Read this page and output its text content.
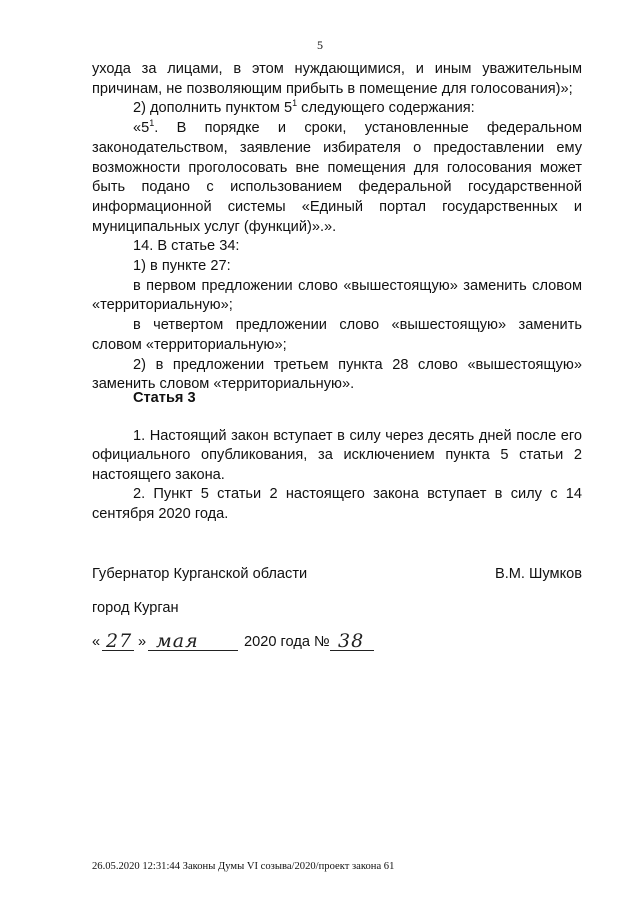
5

ухода за лицами, в этом нуждающимися, и иным уважительным причинам, не позволяющим прибыть в помещение для голосования)»;

2) дополнить пунктом $5^1$ следующего содержания:

«$5^1$. В порядке и сроки, установленные федеральном законодательством, заявление избирателя о предоставлении ему возможности проголосовать вне помещения для голосования может быть подано с использованием федеральной государственной информационной системы «Единый портал государственных и муниципальных услуг (функций)».».

14. В статье 34:

1) в пункте 27:

в первом предложении слово «вышестоящую» заменить словом «территориальную»;

в четвертом предложении слово «вышестоящую» заменить словом «территориальную»;

2) в предложении третьем пункта 28 слово «вышестоящую» заменить словом «территориальную».

Статья 3

1. Настоящий закон вступает в силу через десять дней после его официального опубликования, за исключением пункта 5 статьи 2 настоящего закона.

2. Пункт 5 статьи 2 настоящего закона вступает в силу с 14 сентября 2020 года.

Губернатор Курганской области	В.М. Шумков
город Курган
« 27 » мая	2020 года № 38
26.05.2020 12:31:44 Законы Думы VI созыва/2020/проект закона 61
